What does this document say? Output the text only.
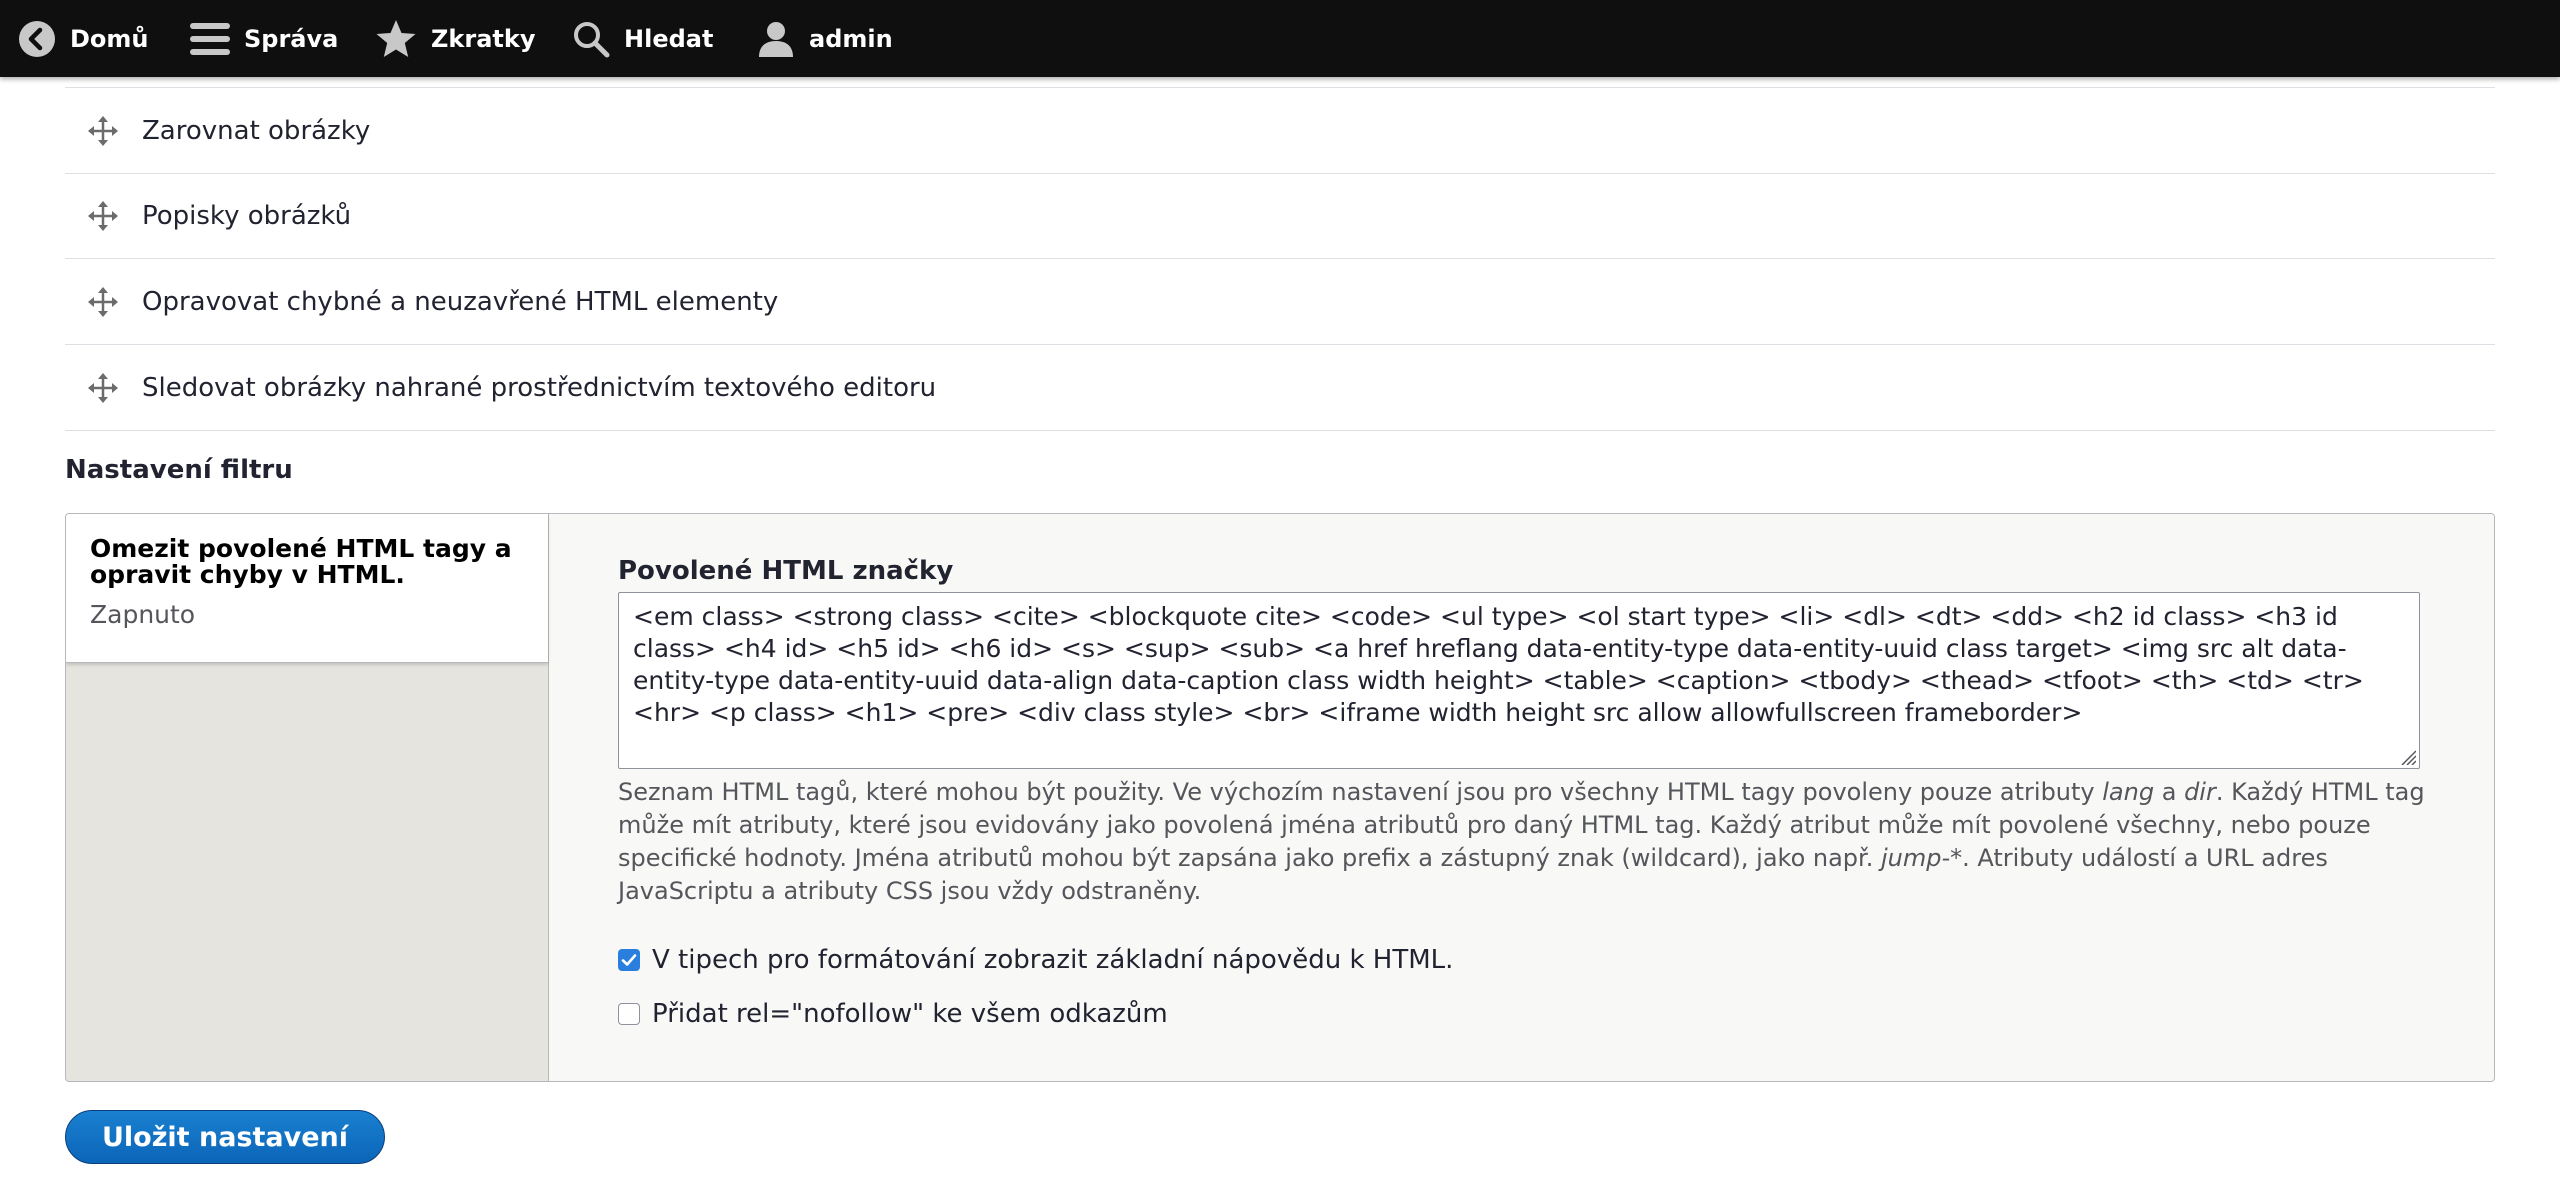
Domů	Správa	Zkratky	Hledat	admin
Zarovnat obrázky
Popisky obrázků
Opravovat chybné a neuzavřené HTML elementy
Sledovat obrázky nahrané prostřednictvím textového editoru
Nastavení filtru
Omezit povolené HTML tagy a opravit chyby v HTML.
Zapnuto
Povolené HTML značky
<em class> <strong class> <cite> <blockquote cite> <code> <ul type> <ol start type> <li> <dl> <dt> <dd> <h2 id class> <h3 id class> <h4 id> <h5 id> <h6 id> <s> <sup> <sub> <a href hreflang data-entity-type data-entity-uuid class target> <img src alt data-entity-type data-entity-uuid data-align data-caption class width height> <table> <caption> <tbody> <thead> <tfoot> <th> <td> <tr> <hr> <p class> <h1> <pre> <div class style> <br> <iframe width height src allow allowfullscreen frameborder>
Seznam HTML tagů, které mohou být použity. Ve výchozím nastavení jsou pro všechny HTML tagy povoleny pouze atributy lang a dir. Každý HTML tag může mít atributy, které jsou evidovány jako povolená jména atributů pro daný HTML tag. Každý atribut může mít povolené všechny, nebo pouze specifické hodnoty. Jména atributů mohou být zapsána jako prefix a zástupný znak (wildcard), jako např. jump-*. Atributy událostí a URL adres JavaScriptu a atributy CSS jsou vždy odstraněny.
V tipech pro formátování zobrazit základní nápovědu k HTML.
Přidat rel="nofollow" ke všem odkazům
Uložit nastavení
